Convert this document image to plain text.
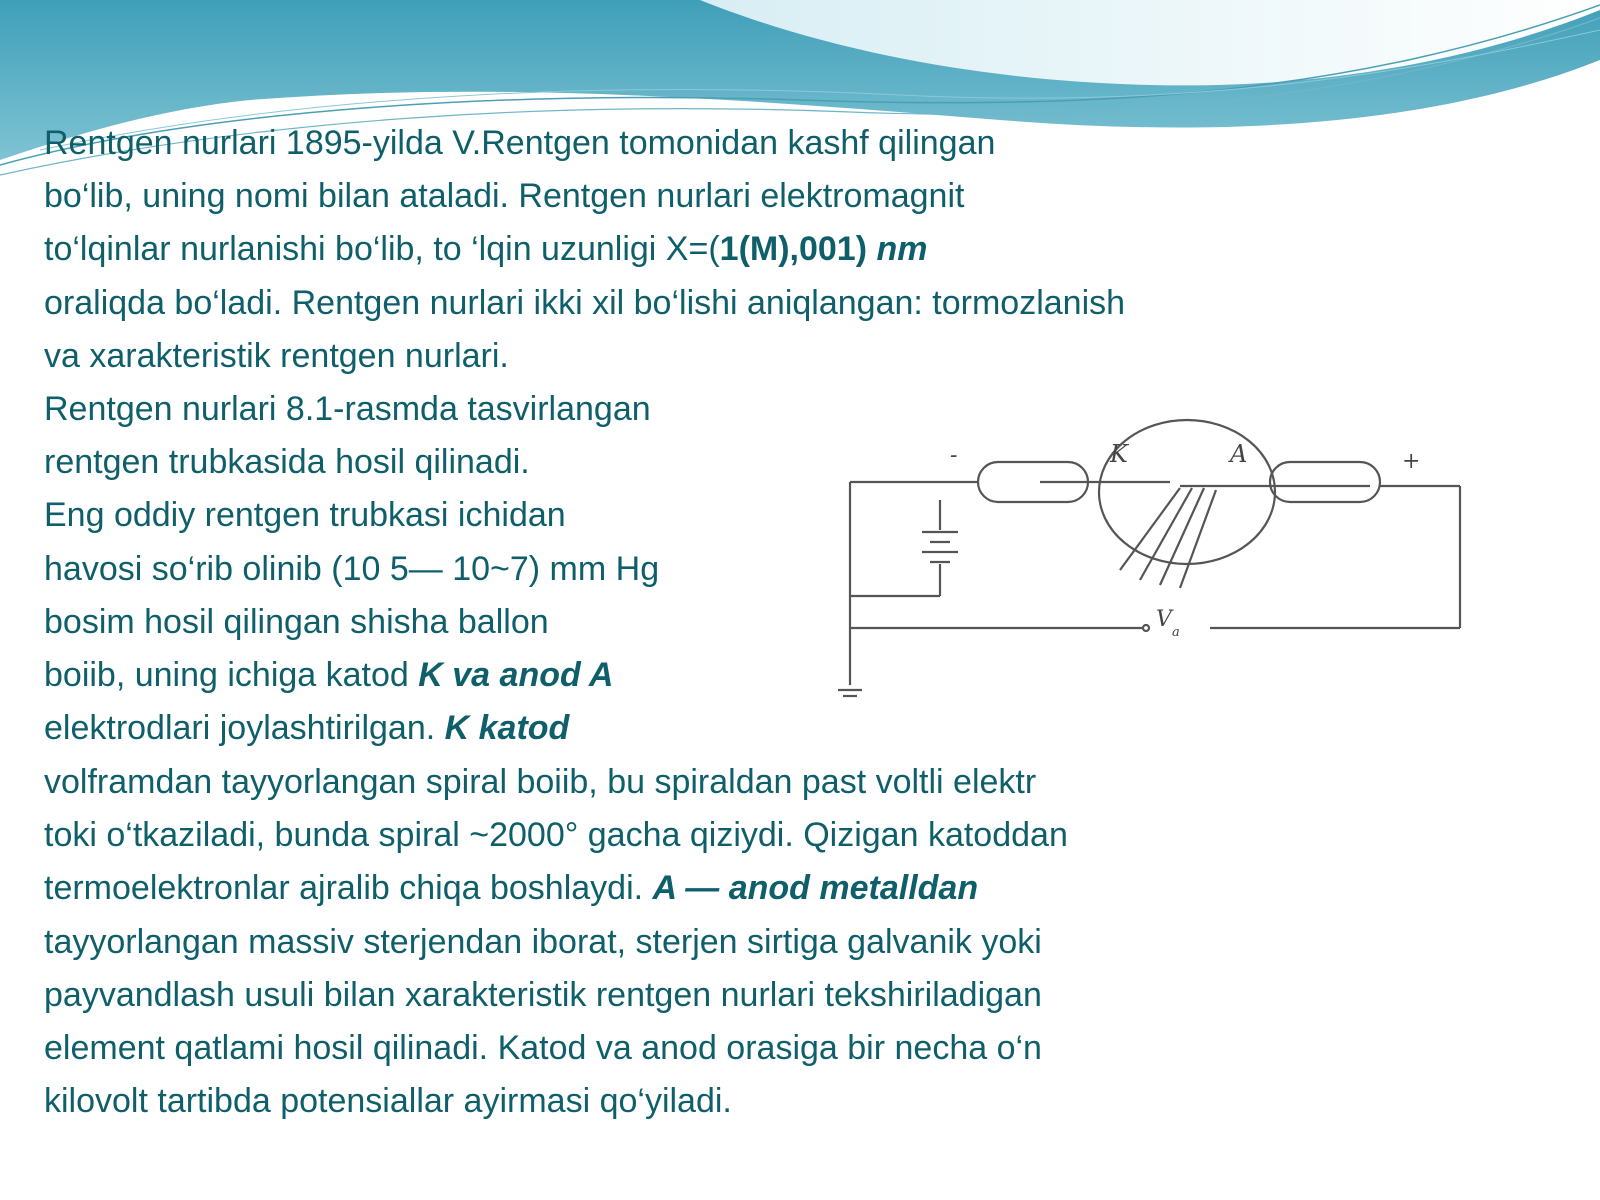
Rentgen nurlari 1895-yilda V.Rentgen tomonidan kashf qilingan
bo‘lib, uning nomi bilan ataladi. Rentgen nurlari elektromagnit
to‘lqinlar nurlanishi bo‘lib, to ‘lqin uzunligi X=(1(M),001) nm
oraliqda bo‘ladi. Rentgen nurlari ikki xil bo‘lishi aniqlangan: tormozlanish
va xarakteristik rentgen nurlari.
Rentgen nurlari 8.1-rasmda tasvirlangan
rentgen trubkasida hosil qilinadi.
Eng oddiy rentgen trubkasi ichidan
havosi so‘rib olinib (10 5— 10~7) mm Hg
bosim hosil qilingan shisha ballon
boiib, uning ichiga katod K va anod A
elektrodlari joylashtirilgan. K katod
volframdan tayyorlangan spiral boiib, bu spiraldan past voltli elektr
toki o‘tkaziladi, bunda spiral ~2000° gacha qiziydi. Qizigan katoddan
termoelektronlar ajralib chiqa boshlaydi. A — anod metalldan
tayyorlangan massiv sterjendan iborat, sterjen sirtiga galvanik yoki
payvandlash usuli bilan xarakteristik rentgen nurlari tekshiriladigan
element qatlami hosil qilinadi. Katod va anod orasiga bir necha o‘n
kilovolt tartibda potensiallar ayirmasi qo‘yiladi.
K	A
-	+
V
a
